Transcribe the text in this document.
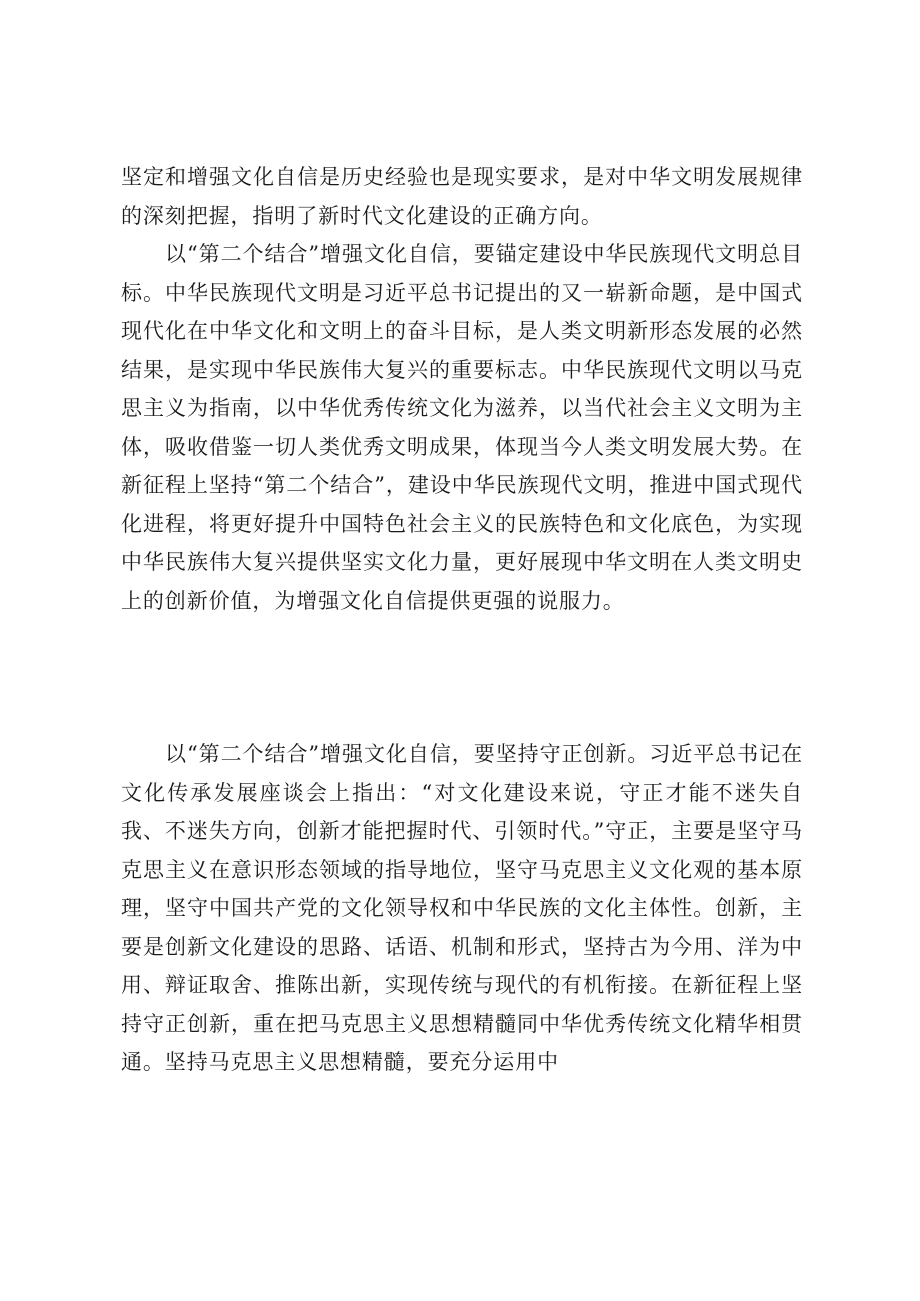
坚定和增强文化自信是历史经验也是现实要求，是对中华文明发展规律的深刻把握，指明了新时代文化建设的正确方向。

以“第二个结合”增强文化自信，要锚定建设中华民族现代文明总目标。中华民族现代文明是习近平总书记提出的又一崭新命题，是中国式现代化在中华文化和文明上的奋斗目标，是人类文明新形态发展的必然结果，是实现中华民族伟大复兴的重要标志。中华民族现代文明以马克思主义为指南，以中华优秀传统文化为滋养，以当代社会主义文明为主体，吸收借鉴一切人类优秀文明成果，体现当今人类文明发展大势。在新征程上坚持“第二个结合”，建设中华民族现代文明，推进中国式现代化进程，将更好提升中国特色社会主义的民族特色和文化底色，为实现中华民族伟大复兴提供坚实文化力量，更好展现中华文明在人类文明史上的创新价值，为增强文化自信提供更强的说服力。

以“第二个结合”增强文化自信，要坚持守正创新。习近平总书记在文化传承发展座谈会上指出：“对文化建设来说，守正才能不迷失自我、不迷失方向，创新才能把握时代、引领时代。”守正，主要是坚守马克思主义在意识形态领域的指导地位，坚守马克思主义文化观的基本原理，坚守中国共产党的文化领导权和中华民族的文化主体性。创新，主要是创新文化建设的思路、话语、机制和形式，坚持古为今用、洋为中用、辩证取舍、推陈出新，实现传统与现代的有机衔接。在新征程上坚持守正创新，重在把马克思主义思想精髓同中华优秀传统文化精华相贯通。坚持马克思主义思想精髓，要充分运用中
